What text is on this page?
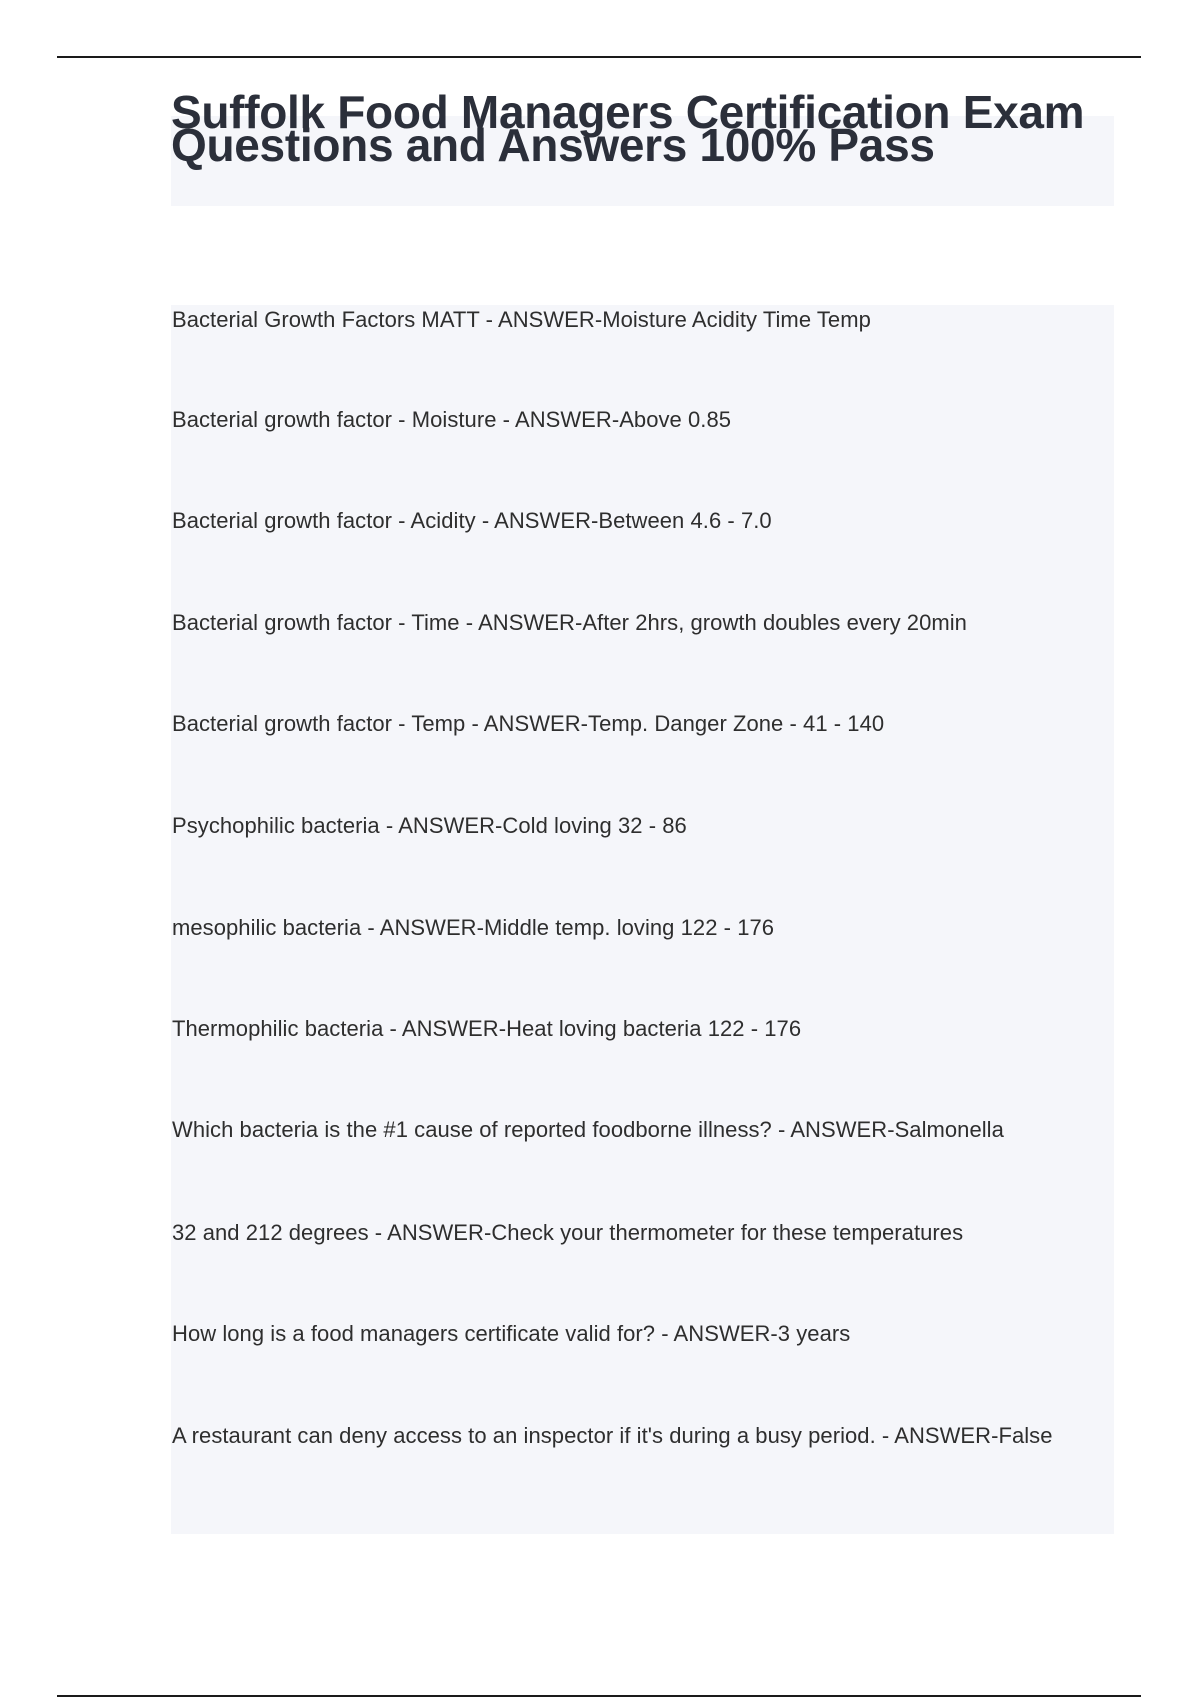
Suffolk Food Managers Certification Exam Questions and Answers 100% Pass

Bacterial Growth Factors MATT - ANSWER-Moisture Acidity Time Temp

Bacterial growth factor - Moisture - ANSWER-Above 0.85

Bacterial growth factor - Acidity - ANSWER-Between 4.6 - 7.0

Bacterial growth factor - Time - ANSWER-After 2hrs, growth doubles every 20min

Bacterial growth factor - Temp - ANSWER-Temp. Danger Zone - 41 - 140

Psychophilic bacteria - ANSWER-Cold loving 32 - 86

mesophilic bacteria - ANSWER-Middle temp. loving 122 - 176

Thermophilic bacteria - ANSWER-Heat loving bacteria 122 - 176

Which bacteria is the #1 cause of reported foodborne illness? - ANSWER-Salmonella

32 and 212 degrees - ANSWER-Check your thermometer for these temperatures

How long is a food managers certificate valid for? - ANSWER-3 years

A restaurant can deny access to an inspector if it's during a busy period. - ANSWER-False
